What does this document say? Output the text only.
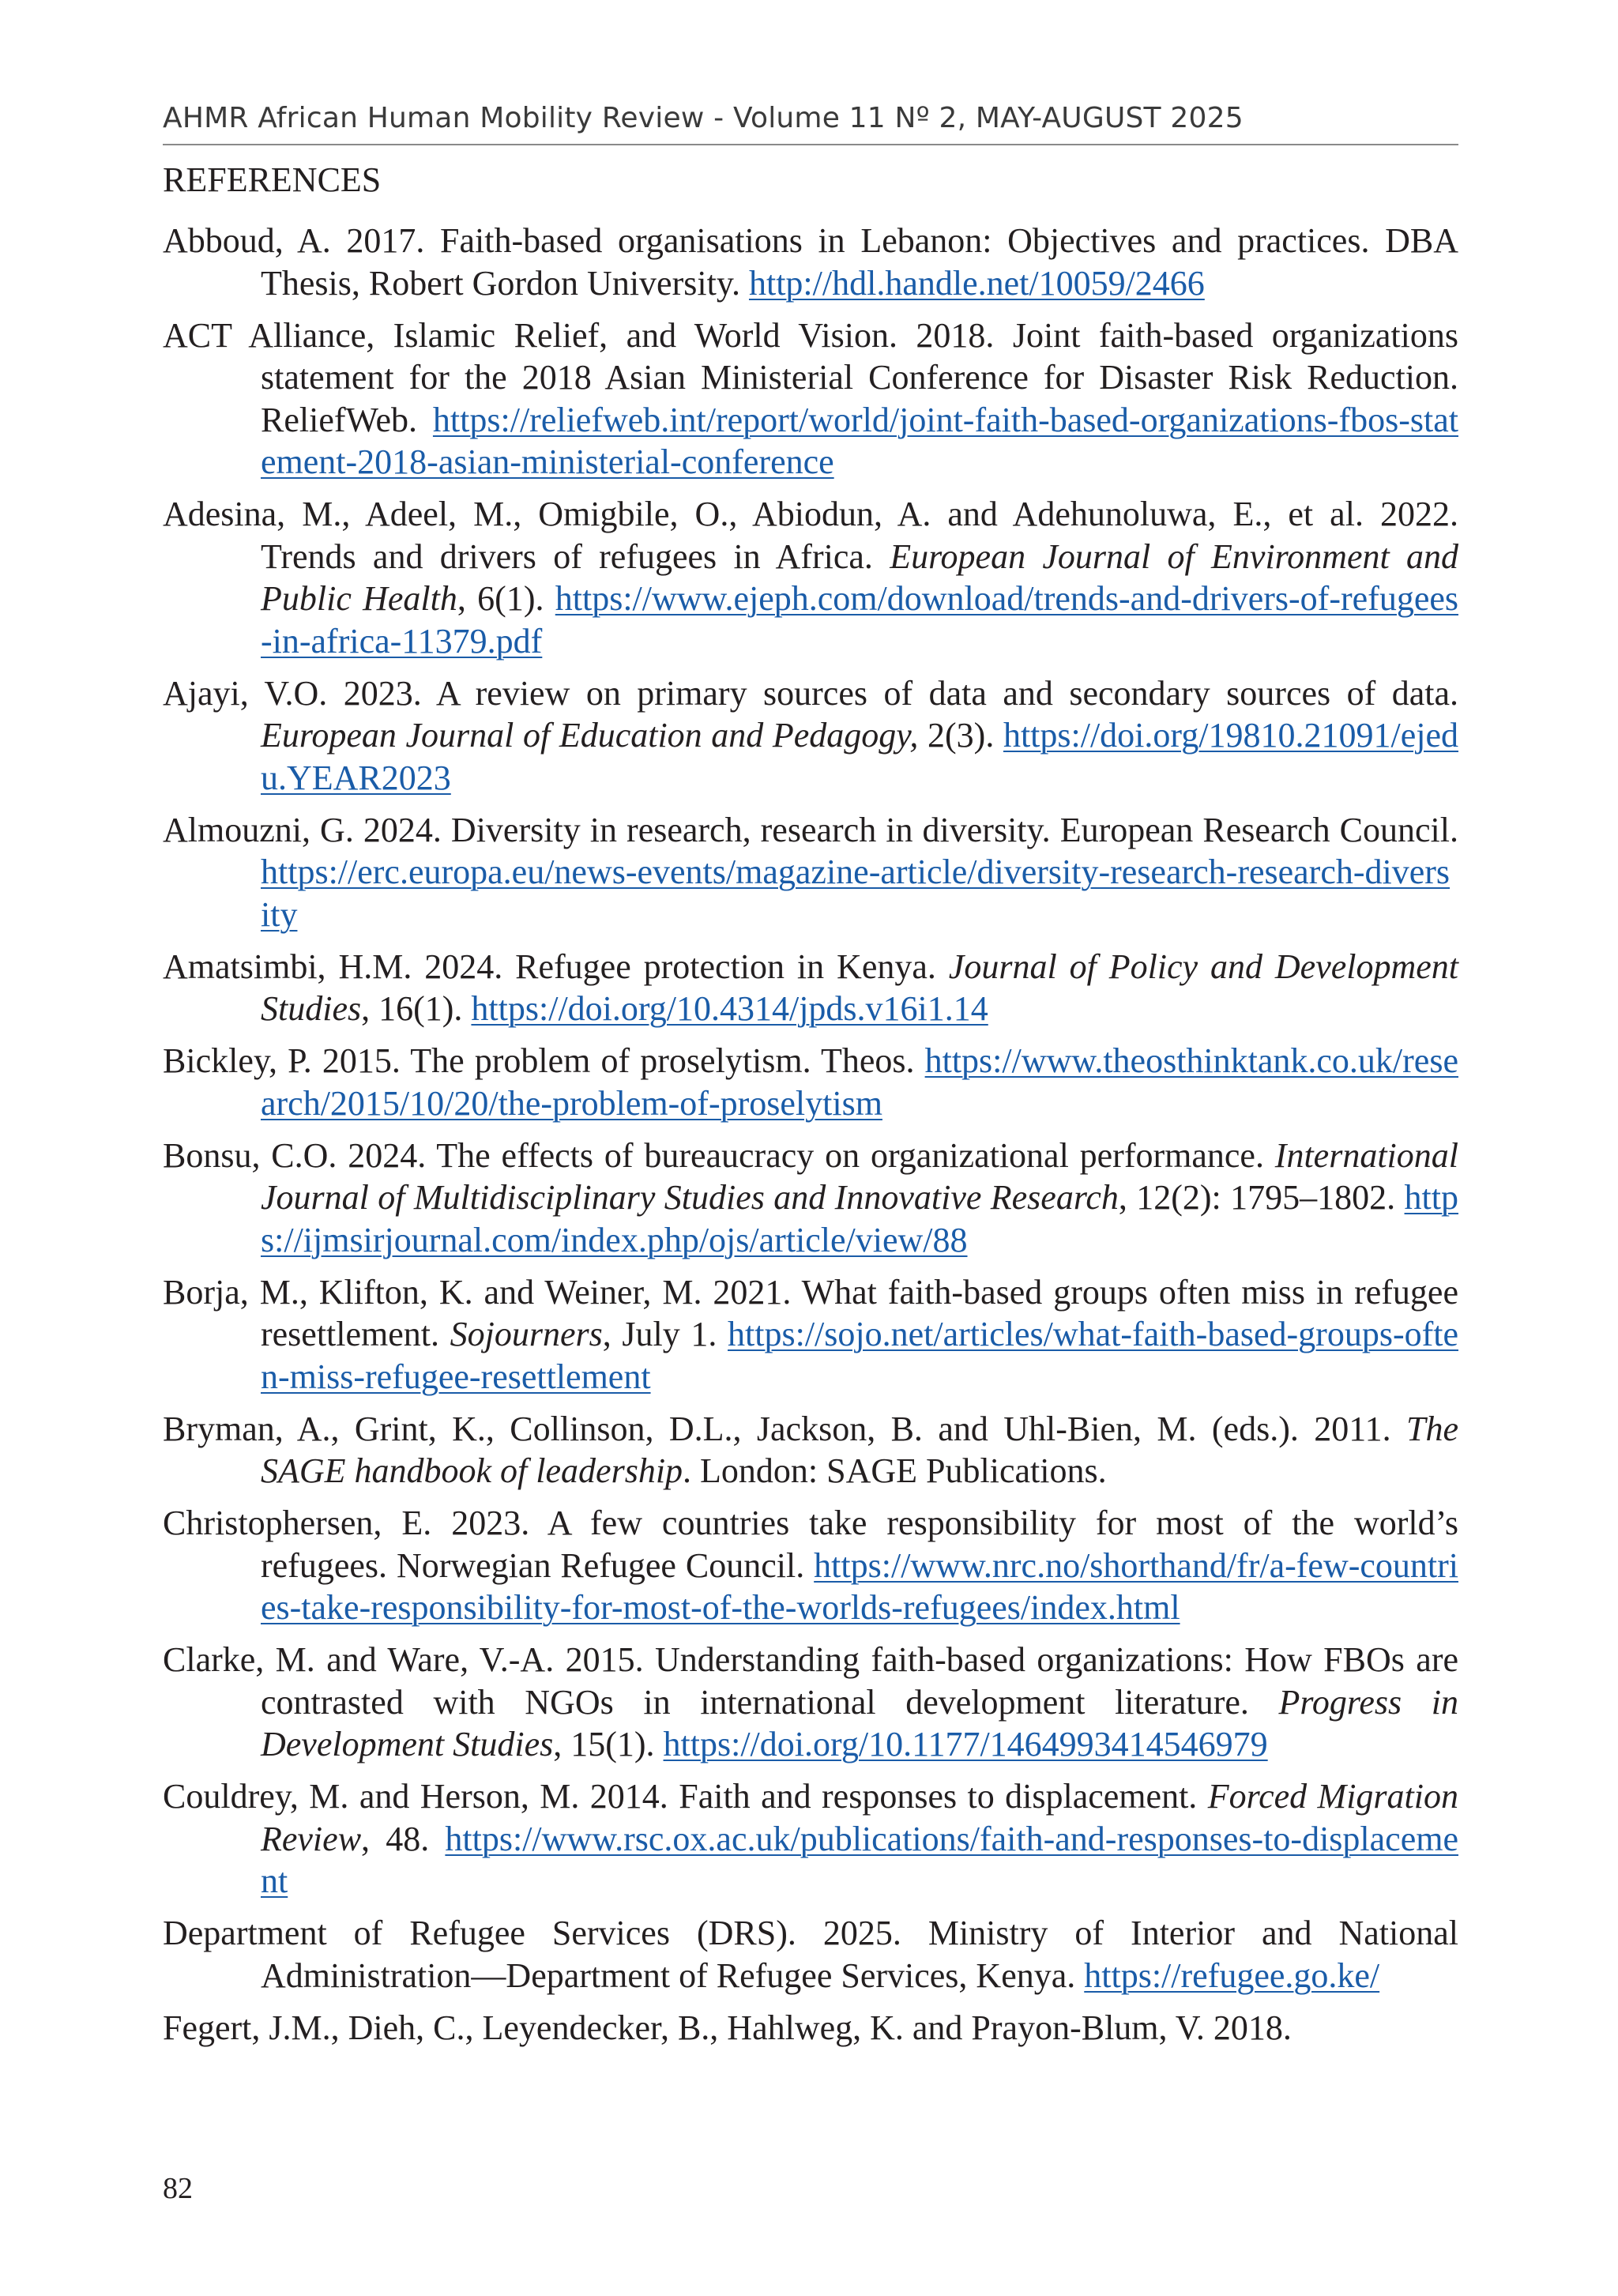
AHMR African Human Mobility Review - Volume 11 Nº 2, MAY-AUGUST 2025
REFERENCES
Abboud, A. 2017. Faith-based organisations in Lebanon: Objectives and practices. DBA Thesis, Robert Gordon University. http://hdl.handle.net/10059/2466
ACT Alliance, Islamic Relief, and World Vision. 2018. Joint faith-based organizations statement for the 2018 Asian Ministerial Conference for Disaster Risk Reduction. ReliefWeb. https://reliefweb.int/report/world/joint-faith-based-organizations-fbos-statement-2018-asian-ministerial-conference
Adesina, M., Adeel, M., Omigbile, O., Abiodun, A. and Adehunoluwa, E., et al. 2022. Trends and drivers of refugees in Africa. European Journal of Environment and Public Health, 6(1). https://www.ejeph.com/download/trends-and-drivers-of-refugees-in-africa-11379.pdf
Ajayi, V.O. 2023. A review on primary sources of data and secondary sources of data. European Journal of Education and Pedagogy, 2(3). https://doi.org/19810.21091/ejedu.YEAR2023
Almouzni, G. 2024. Diversity in research, research in diversity. European Research Council. https://erc.europa.eu/news-events/magazine-article/diversity-research-research-diversity
Amatsimbi, H.M. 2024. Refugee protection in Kenya. Journal of Policy and Development Studies, 16(1). https://doi.org/10.4314/jpds.v16i1.14
Bickley, P. 2015. The problem of proselytism. Theos. https://www.theosthinktank.co.uk/research/2015/10/20/the-problem-of-proselytism
Bonsu, C.O. 2024. The effects of bureaucracy on organizational performance. International Journal of Multidisciplinary Studies and Innovative Research, 12(2): 1795–1802. https://ijmsirjournal.com/index.php/ojs/article/view/88
Borja, M., Klifton, K. and Weiner, M. 2021. What faith-based groups often miss in refugee resettlement. Sojourners, July 1. https://sojo.net/articles/what-faith-based-groups-often-miss-refugee-resettlement
Bryman, A., Grint, K., Collinson, D.L., Jackson, B. and Uhl-Bien, M. (eds.). 2011. The SAGE handbook of leadership. London: SAGE Publications.
Christophersen, E. 2023. A few countries take responsibility for most of the world’s refugees. Norwegian Refugee Council. https://www.nrc.no/shorthand/fr/a-few-countries-take-responsibility-for-most-of-the-worlds-refugees/index.html
Clarke, M. and Ware, V.-A. 2015. Understanding faith-based organizations: How FBOs are contrasted with NGOs in international development literature. Progress in Development Studies, 15(1). https://doi.org/10.1177/1464993414546979
Couldrey, M. and Herson, M. 2014. Faith and responses to displacement. Forced Migration Review, 48. https://www.rsc.ox.ac.uk/publications/faith-and-responses-to-displacement
Department of Refugee Services (DRS). 2025. Ministry of Interior and National Administration—Department of Refugee Services, Kenya. https://refugee.go.ke/
Fegert, J.M., Dieh, C., Leyendecker, B., Hahlweg, K. and Prayon-Blum, V. 2018.
82
